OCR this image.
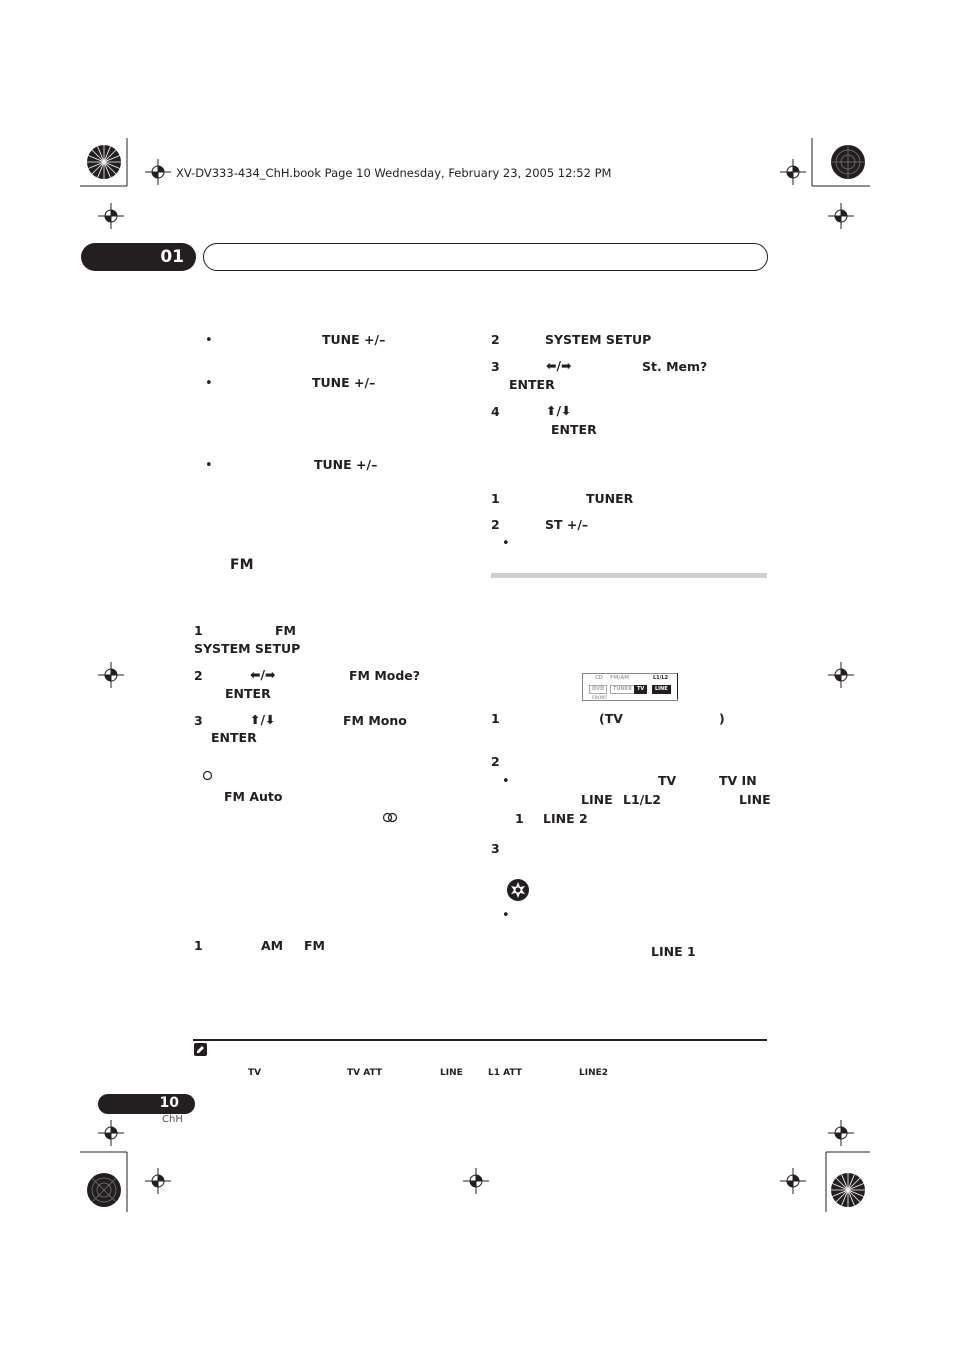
XV-DV333-434_ChH.book Page 10 Wednesday, February 23, 2005 12:52 PM
01
•	TUNE +/–
•	TUNE +/–
•	TUNE +/–
FM
1	FM
SYSTEM SETUP
2	⬅/➡	FM Mode?
ENTER
3	⬆/⬇	FM Mono
ENTER
FM Auto
1	AM FM
2	SYSTEM SETUP
3	⬅/➡	St. Mem?
ENTER
4	⬆/⬇
ENTER
1	TUNER
2	ST +/–
•
CD FM/AM	L1/L2
DVD	TUNER	TV	LINE
FRONT
1	(TV	)
2
•	TV	TV IN
LINE L1/L2	LINE
1 LINE 2
3
•
LINE 1
TV	TV ATT	LINE	L1 ATT	LINE2
10
ChH
